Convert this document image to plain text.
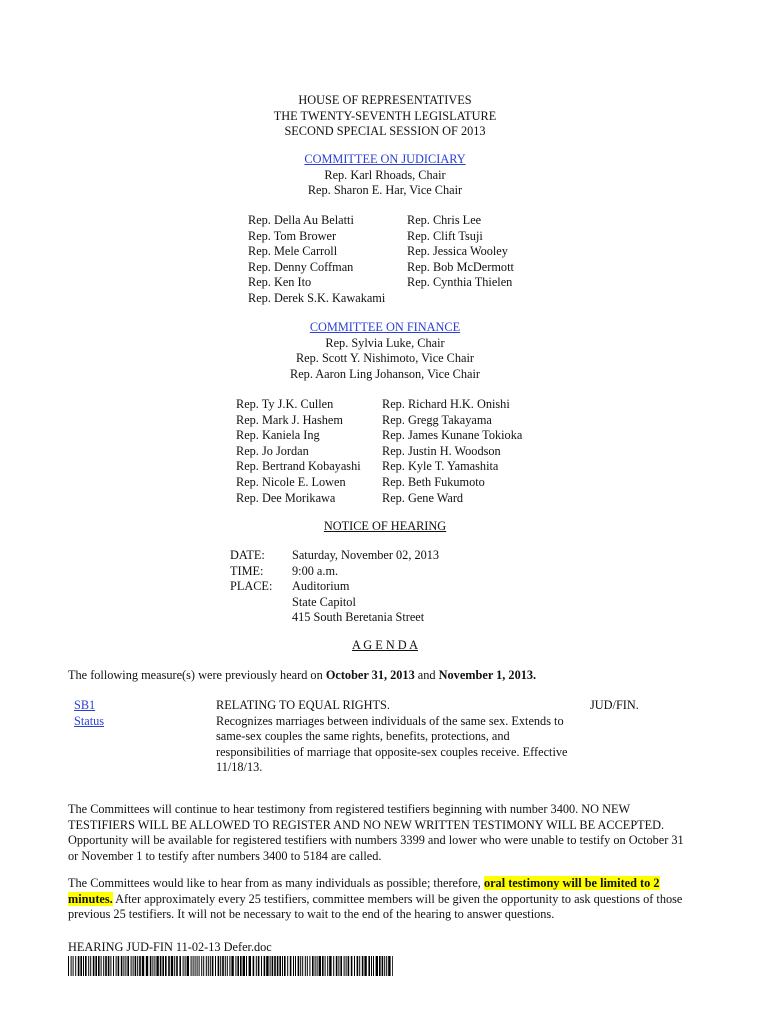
HOUSE OF REPRESENTATIVES
THE TWENTY-SEVENTH LEGISLATURE
SECOND SPECIAL SESSION OF 2013
COMMITTEE ON JUDICIARY
Rep. Karl Rhoads, Chair
Rep. Sharon E. Har, Vice Chair
Rep. Della Au Belatti
Rep. Tom Brower
Rep. Mele Carroll
Rep. Denny Coffman
Rep. Ken Ito
Rep. Derek S.K. Kawakami
Rep. Chris Lee
Rep. Clift Tsuji
Rep. Jessica Wooley
Rep. Bob McDermott
Rep. Cynthia Thielen
COMMITTEE ON FINANCE
Rep. Sylvia Luke, Chair
Rep. Scott Y. Nishimoto, Vice Chair
Rep. Aaron Ling Johanson, Vice Chair
Rep. Ty J.K. Cullen
Rep. Mark J. Hashem
Rep. Kaniela Ing
Rep. Jo Jordan
Rep. Bertrand Kobayashi
Rep. Nicole E. Lowen
Rep. Dee Morikawa
Rep. Richard H.K. Onishi
Rep. Gregg Takayama
Rep. James Kunane Tokioka
Rep. Justin H. Woodson
Rep. Kyle T. Yamashita
Rep. Beth Fukumoto
Rep. Gene Ward
NOTICE OF HEARING
DATE:
TIME:
PLACE:
Saturday, November 02, 2013
9:00 a.m.
Auditorium
State Capitol
415 South Beretania Street
A G E N D A
The following measure(s) were previously heard on October 31, 2013 and November 1, 2013.
SB1
Status
RELATING TO EQUAL RIGHTS.
Recognizes marriages between individuals of the same sex. Extends to
same-sex couples the same rights, benefits, protections, and
responsibilities of marriage that opposite-sex couples receive. Effective
11/18/13.
JUD/FIN.
The Committees will continue to hear testimony from registered testifiers beginning with number 3400. NO NEW
TESTIFIERS WILL BE ALLOWED TO REGISTER AND NO NEW WRITTEN TESTIMONY WILL BE ACCEPTED.
Opportunity will be available for registered testifiers with numbers 3399 and lower who were unable to testify on October 31
or November 1 to testify after numbers 3400 to 5184 are called.
The Committees would like to hear from as many individuals as possible; therefore, oral testimony will be limited to 2
minutes. After approximately every 25 testifiers, committee members will be given the opportunity to ask questions of those
previous 25 testifiers. It will not be necessary to wait to the end of the hearing to answer questions.
HEARING JUD-FIN 11-02-13 Defer.doc
